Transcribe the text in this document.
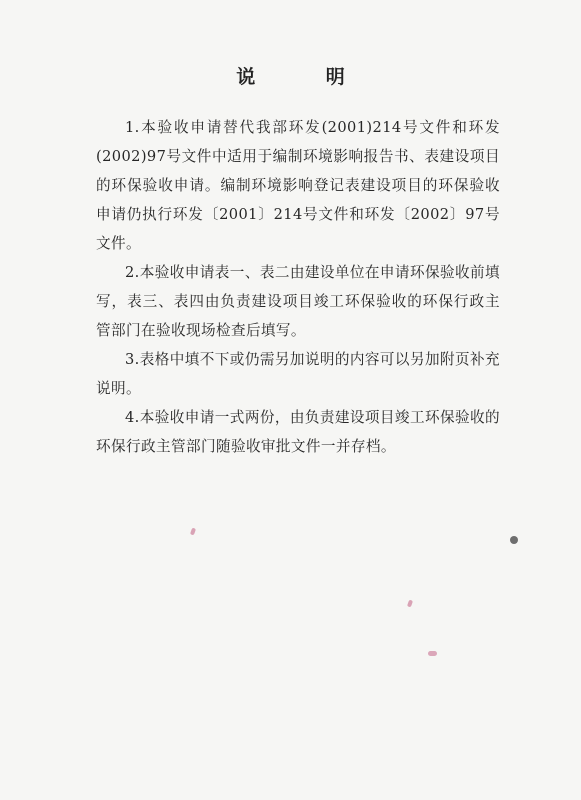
说 明

1.本验收申请替代我部环发(2001)214号文件和环发(2002)97号文件中适用于编制环境影响报告书、表建设项目的环保验收申请。编制环境影响登记表建设项目的环保验收申请仍执行环发〔2001〕214号文件和环发〔2002〕97号文件。

2.本验收申请表一、表二由建设单位在申请环保验收前填写，表三、表四由负责建设项目竣工环保验收的环保行政主管部门在验收现场检查后填写。

3.表格中填不下或仍需另加说明的内容可以另加附页补充说明。

4.本验收申请一式两份，由负责建设项目竣工环保验收的环保行政主管部门随验收审批文件一并存档。
